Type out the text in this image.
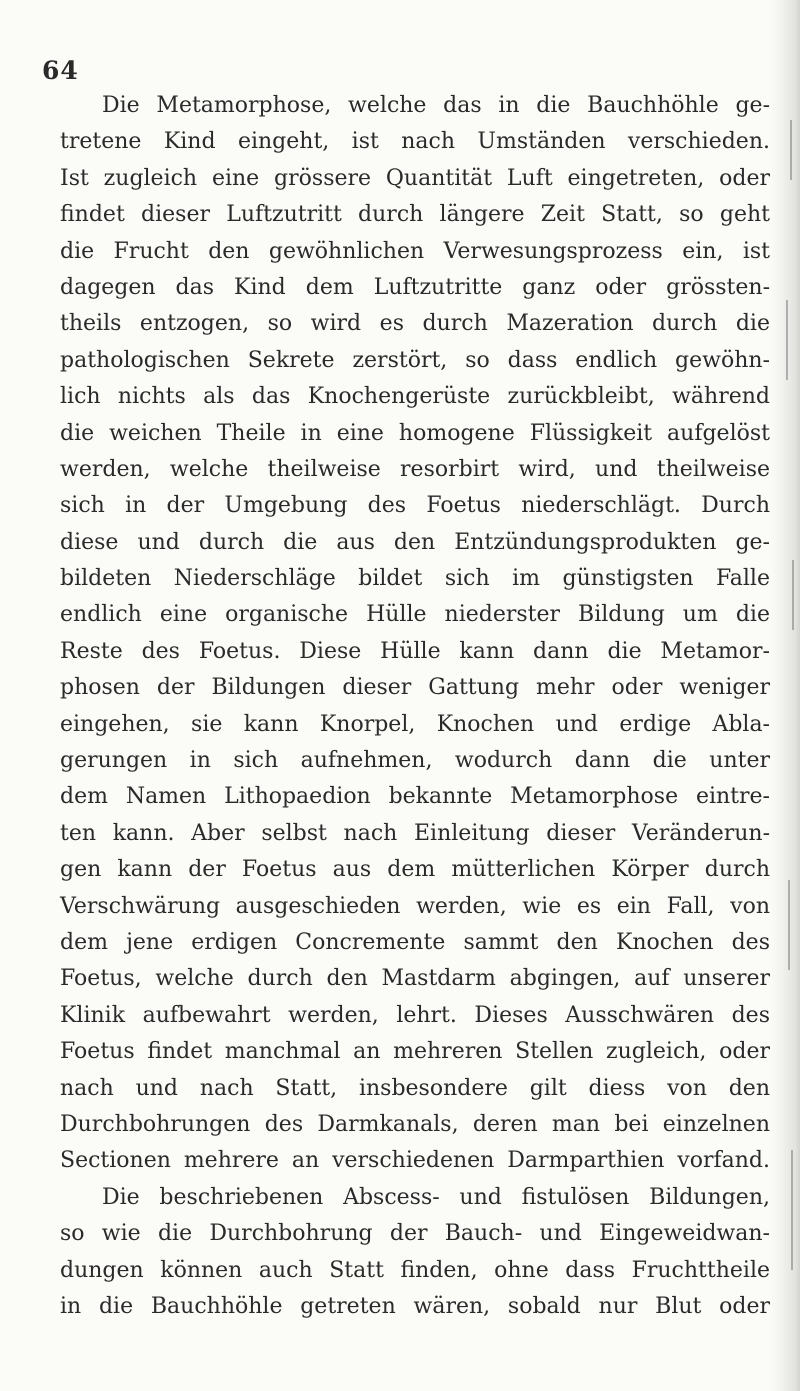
64
Die Metamorphose, welche das in die Bauchhöhle ge-
tretene Kind eingeht, ist nach Umständen verschieden.
Ist zugleich eine grössere Quantität Luft eingetreten, oder
findet dieser Luftzutritt durch längere Zeit Statt, so geht
die Frucht den gewöhnlichen Verwesungsprozess ein, ist
dagegen das Kind dem Luftzutritte ganz oder grössten-
theils entzogen, so wird es durch Mazeration durch die
pathologischen Sekrete zerstört, so dass endlich gewöhn-
lich nichts als das Knochengerüste zurückbleibt, während
die weichen Theile in eine homogene Flüssigkeit aufgelöst
werden, welche theilweise resorbirt wird, und theilweise
sich in der Umgebung des Foetus niederschlägt. Durch
diese und durch die aus den Entzündungsprodukten ge-
bildeten Niederschläge bildet sich im günstigsten Falle
endlich eine organische Hülle niederster Bildung um die
Reste des Foetus. Diese Hülle kann dann die Metamor-
phosen der Bildungen dieser Gattung mehr oder weniger
eingehen, sie kann Knorpel, Knochen und erdige Abla-
gerungen in sich aufnehmen, wodurch dann die unter
dem Namen Lithopaedion bekannte Metamorphose eintre-
ten kann. Aber selbst nach Einleitung dieser Veränderun-
gen kann der Foetus aus dem mütterlichen Körper durch
Verschwärung ausgeschieden werden, wie es ein Fall, von
dem jene erdigen Concremente sammt den Knochen des
Foetus, welche durch den Mastdarm abgingen, auf unserer
Klinik aufbewahrt werden, lehrt. Dieses Ausschwären des
Foetus findet manchmal an mehreren Stellen zugleich, oder
nach und nach Statt, insbesondere gilt diess von den
Durchbohrungen des Darmkanals, deren man bei einzelnen
Sectionen mehrere an verschiedenen Darmparthien vorfand.
Die beschriebenen Abscess- und fistulösen Bildungen,
so wie die Durchbohrung der Bauch- und Eingeweidwan-
dungen können auch Statt finden, ohne dass Fruchttheile
in die Bauchhöhle getreten wären, sobald nur Blut oder
